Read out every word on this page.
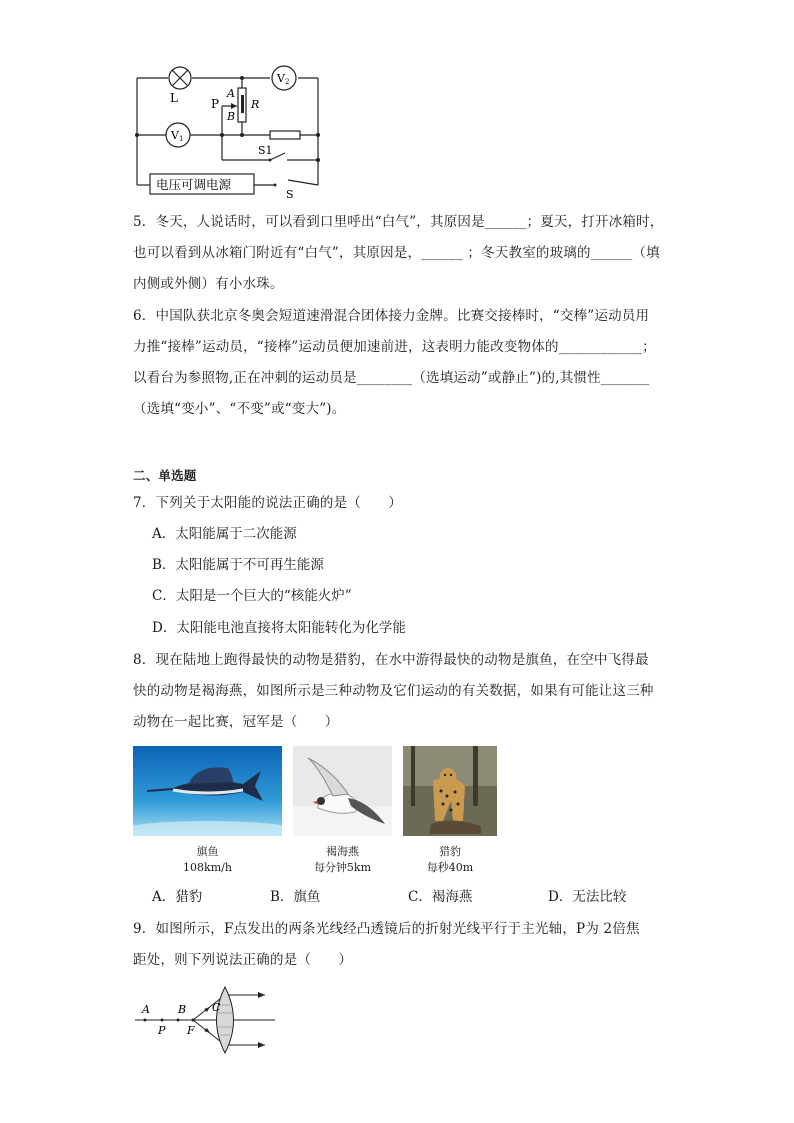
V 2
V 1
电压可调电源
L	P
A
B
R
S1
S
5．冬天，人说话时，可以看到口里呼出“白气”，其原因是______；夏天，打开冰箱时，
也可以看到从冰箱门附近有“白气”，其原因是，______ ；冬天教室的玻璃的______（填
内侧或外侧）有小水珠。
6．中国队获北京冬奥会短道速滑混合团体接力金牌。比赛交接棒时，“交棒”运动员用
力推“接棒”运动员，“接棒”运动员便加速前进，这表明力能改变物体的____________；
以看台为参照物,正在冲刺的运动员是________（选填运动”或静止”)的,其惯性_______
（选填“变小”、“不变”或“变大”)。
二、单选题
7．下列关于太阳能的说法正确的是（　　）
A．太阳能属于二次能源
B．太阳能属于不可再生能源
C．太阳是一个巨大的“核能火炉”
D．太阳能电池直接将太阳能转化为化学能
8．现在陆地上跑得最快的动物是猎豹，在水中游得最快的动物是旗鱼，在空中飞得最
快的动物是褐海燕，如图所示是三种动物及它们运动的有关数据，如果有可能让这三种
动物在一起比赛，冠军是（　　）
旗鱼
108km/h
褐海燕
每分钟5km
猎豹
每秒40m
A．猎豹	B．旗鱼	C．褐海燕	D．无法比较
9．如图所示，F点发出的两条光线经凸透镜后的折射光线平行于主光轴，P为 2倍焦
距处，则下列说法正确的是（　　）
A
P
B
F
C
